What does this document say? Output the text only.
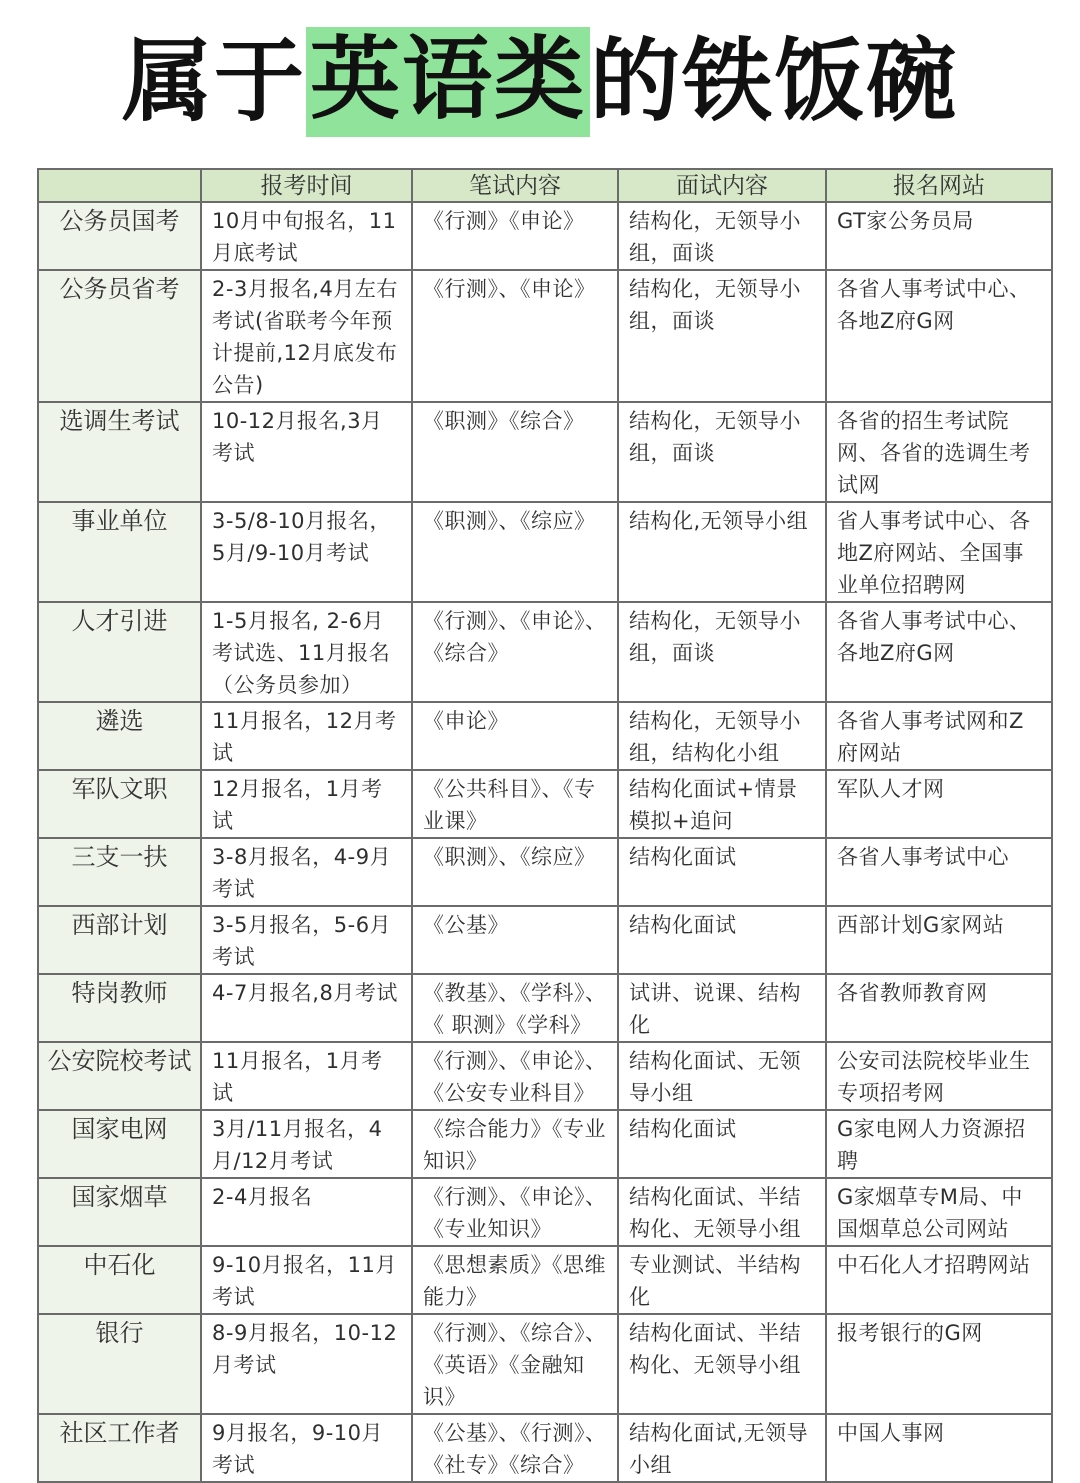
属于 英语类 的铁饭碗
	报考时间	笔试内容	面试内容	报名网站
公务员国考	10月中旬报名，11月底考试	《行测》《申论》	结构化，无领导小组，面谈	GT家公务员局
公务员省考	2-3月报名,4月左右考试(省联考今年预计提前,12月底发布公告)	《行测》、《申论》	结构化，无领导小组，面谈	各省人事考试中心、各地Z府G网
选调生考试	10-12月报名,3月考试	《职测》《综合》	结构化，无领导小组，面谈	各省的招生考试院网、各省的选调生考试网
事业单位	3-5/8-10月报名，5月/9-10月考试	《职测》、《综应》	结构化,无领导小组	省人事考试中心、各地Z府网站、全国事业单位招聘网
人才引进	1-5月报名, 2-6月考试选、11月报名（公务员参加）	《行测》、《申论》、《综合》	结构化，无领导小组，面谈	各省人事考试中心、各地Z府G网
遴选	11月报名，12月考试	《申论》	结构化，无领导小组，结构化小组	各省人事考试网和Z府网站
军队文职	12月报名，1月考试	《公共科目》、《专业课》	结构化面试+情景模拟+追问	军队人才网
三支一扶	3-8月报名，4-9月考试	《职测》、《综应》	结构化面试	各省人事考试中心
西部计划	3-5月报名，5-6月考试	《公基》	结构化面试	西部计划G家网站
特岗教师	4-7月报名,8月考试	《教基》、《学科》、《 职测》《学科》	试讲、说课、结构化	各省教师教育网
公安院校考试	11月报名，1月考试	《行测》、《申论》、《公安专业科目》	结构化面试、无领导小组	公安司法院校毕业生专项招考网
国家电网	3月/11月报名，4月/12月考试	《综合能力》《专业知识》	结构化面试	G家电网人力资源招聘
国家烟草	2-4月报名	《行测》、《申论》、《专业知识》	结构化面试、半结构化、无领导小组	G家烟草专M局、中国烟草总公司网站
中石化	9-10月报名，11月考试	《思想素质》《思维能力》	专业测试、半结构化	中石化人才招聘网站
银行	8-9月报名，10-12月考试	《行测》、《综合》、《英语》《金融知识》	结构化面试、半结构化、无领导小组	报考银行的G网
社区工作者	9月报名，9-10月考试	《公基》、《行测》、《社专》《综合》	结构化面试,无领导小组	中国人事网
